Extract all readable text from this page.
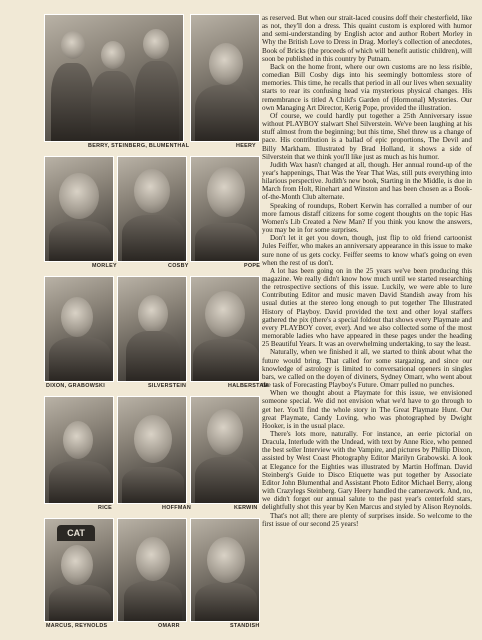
BERRY, STEINBERG, BLUMENTHAL	HEERY
MORLEY	COSBY	POPE
DIXON, GRABOWSKI	SILVERSTEIN	HALBERSTAM
RICE	HOFFMAN	KERWIN
CAT
MARCUS, REYNOLDS	OMARR	STANDISH

as reserved. But when our strait-laced cousins doff their chesterfield, like as not, they'll don a dress. This quaint custom is explored with humor and semi-understanding by English actor and author Robert Morley in Why the British Love to Dress in Drag. Morley's collection of anecdotes, Book of Bricks (the proceeds of which will benefit autistic children), will soon be published in this country by Putnam.

Back on the home front, where our own customs are no less risible, comedian Bill Cosby digs into his seemingly bottomless store of memories. This time, he recalls that period in all our lives when sexuality starts to rear its confusing head via mysterious physical changes. His remembrance is titled A Child's Garden of (Hormonal) Mysteries. Our own Managing Art Director, Kerig Pope, provided the illustration.

Of course, we could hardly put together a 25th Anniversary issue without PLAYBOY stalwart Shel Silverstein. We've been laughing at his stuff almost from the beginning; but this time, Shel threw us a change of pace. His contribution is a ballad of epic proportions, The Devil and Billy Markham. Illustrated by Brad Holland, it shows a side of Silverstein that we think you'll like just as much as his humor.

Judith Wax hasn't changed at all, though. Her annual round-up of the year's happenings, That Was the Year That Was, still puts everything into hilarious perspective. Judith's new book, Starting in the Middle, is due in March from Holt, Rinehart and Winston and has been chosen as a Book-of-the-Month Club alternate.

Speaking of roundups, Robert Kerwin has corralled a number of our more famous distaff citizens for some cogent thoughts on the topic Has Women's Lib Created a New Man? If you think you know the answers, you may be in for some surprises.

Don't let it get you down, though, just flip to old friend cartoonist Jules Feiffer, who makes an anniversary appearance in this issue to make sure none of us gets cocky. Feiffer seems to know what's going on even when the rest of us don't.

A lot has been going on in the 25 years we've been producing this magazine. We really didn't know how much until we started researching the retrospective sections of this issue. Luckily, we were able to lure Contributing Editor and music maven David Standish away from his usual duties at the stereo long enough to put together The Illustrated History of Playboy. David provided the text and other loyal staffers gathered the pix (there's a special foldout that shows every Playmate and every PLAYBOY cover, ever). And we also collected some of the most memorable ladies who have appeared in these pages under the heading 25 Beautiful Years. It was an overwhelming undertaking, to say the least.

Naturally, when we finished it all, we started to think about what the future would bring. That called for some stargazing, and since our knowledge of astrology is limited to conversational openers in singles bars, we called on the doyen of diviners, Sydney Omarr, who went about the task of Forecasting Playboy's Future. Omarr pulled no punches.

When we thought about a Playmate for this issue, we envisioned someone special. We did not envision what we'd have to go through to get her. You'll find the whole story in The Great Playmate Hunt. Our great Playmate, Candy Loving, who was photographed by Dwight Hooker, is in the usual place.

There's lots more, naturally. For instance, an eerie pictorial on Dracula, Interlude with the Undead, with text by Anne Rice, who penned the best seller Interview with the Vampire, and pictures by Phillip Dixon, assisted by West Coast Photography Editor Marilyn Grabowski. A look at Elegance for the Eighties was illustrated by Martin Hoffman. David Steinberg's Guide to Disco Etiquette was put together by Associate Editor John Blumenthal and Assistant Photo Editor Michael Berry, along with Crazylegs Steinberg. Gary Heery handled the camerawork. And, no, we didn't forget our annual salute to the past year's centerfold stars, delightfully shot this year by Ken Marcus and styled by Alison Reynolds.

That's not all; there are plenty of surprises inside. So welcome to the first issue of our second 25 years!
